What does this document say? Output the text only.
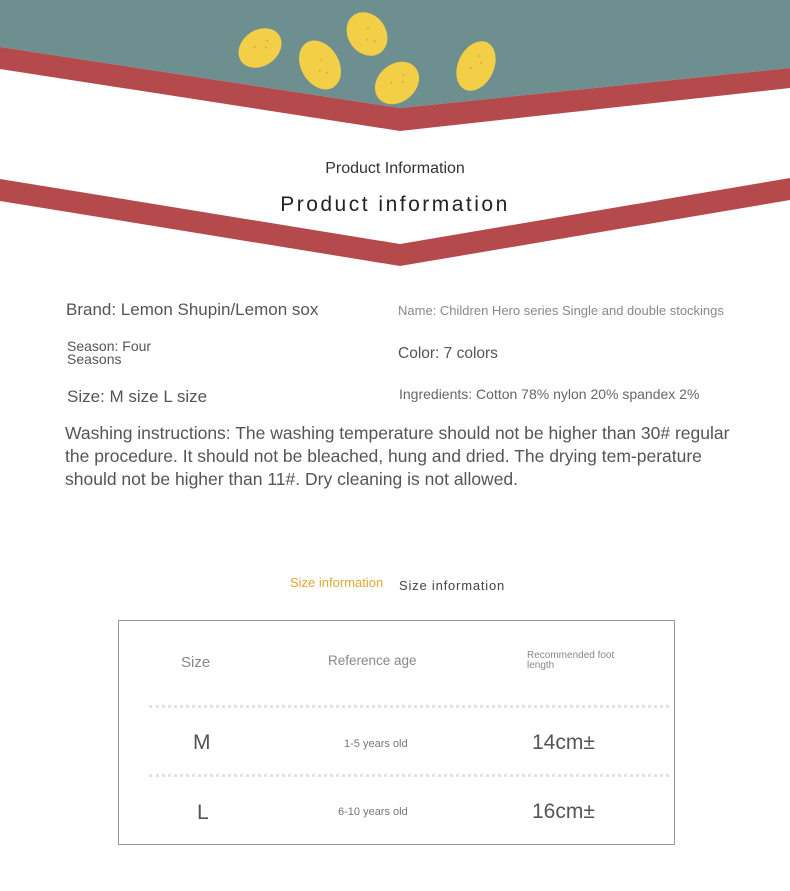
Product Information
Product information
Brand: Lemon Shupin/Lemon sox	Name: Children Hero series Single and double stockings
Season: Four Seasons	Color: 7 colors
Size: M size L size	Ingredients: Cotton 78% nylon 20% spandex 2%
Washing instructions: The washing temperature should not be higher than 30# regular the procedure. It should not be bleached, hung and dried. The drying tem-perature should not be higher than 11#. Dry cleaning is not allowed.
Size information Size information
Size	Reference age	Recommended foot length
M	1-5 years old	14cm±
L	6-10 years old	16cm±
